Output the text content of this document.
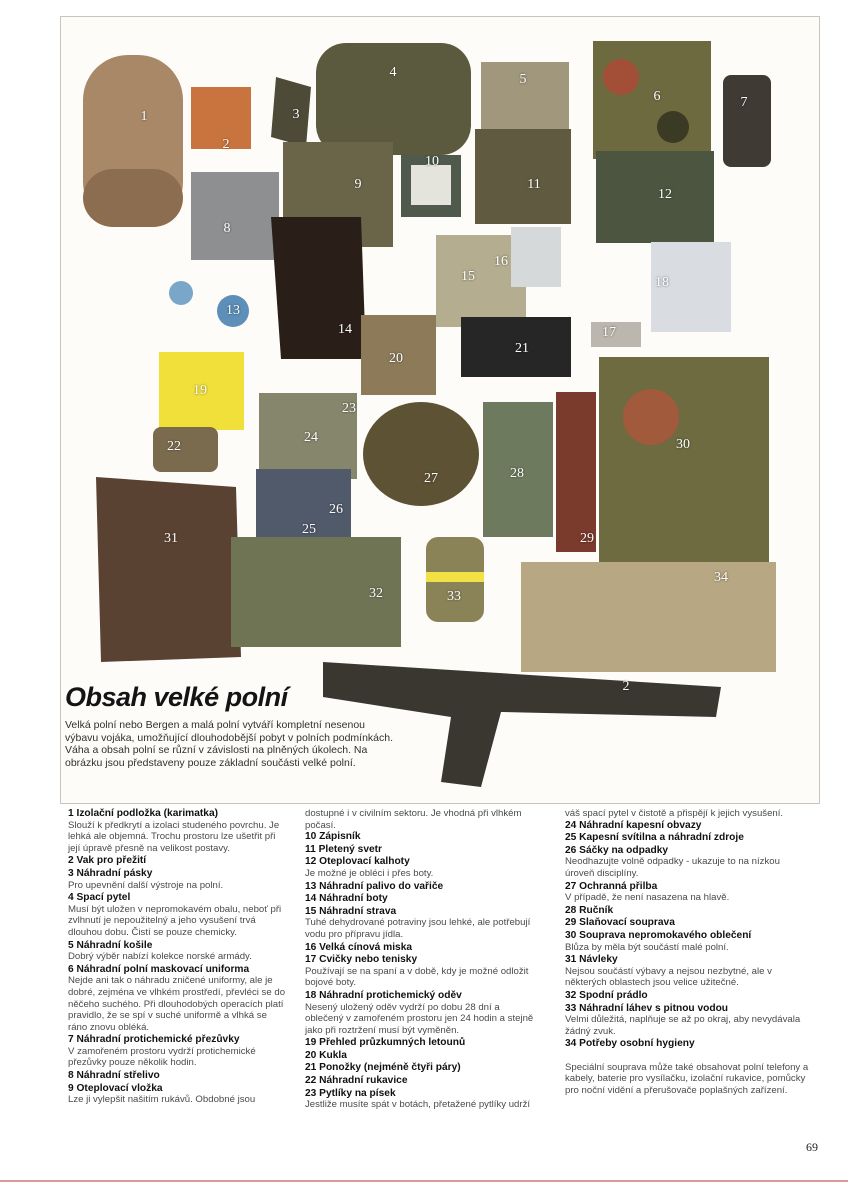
1
2
3
4	5
6	7
8
9
10
11
12
13
14
15
16
17
18
19
20
21
22
23
24
25
26
27	28
29
30
31
32	33
34
2
Obsah velké polní

Velká polní nebo Bergen a malá polní vytváří kompletní nesenou výbavu vojáka, umožňující dlouhodobější pobyt v polních podmínkách. Váha a obsah polní se různí v závislosti na plněných úkolech. Na obrázku jsou představeny pouze základní součásti velké polní.

1 Izolační podložka (karimatka)
Slouží k předkrytí a izolaci studeného povrchu. Je lehká ale objemná. Trochu prostoru lze ušetřit při její úpravě přesně na velikost postavy.
2 Vak pro přežití
3 Náhradní pásky
Pro upevnění další výstroje na polní.
4 Spací pytel
Musí být uložen v nepromokavém obalu, neboť při zvlhnutí je nepoužitelný a jeho vysušení trvá dlouhou dobu. Čistí se pouze chemicky.
5 Náhradní košile
Dobrý výběr nabízí kolekce norské armády.
6 Náhradní polní maskovací uniforma
Nejde ani tak o náhradu zničené uniformy, ale je dobré, zejména ve vlhkém prostředí, převléci se do něčeho suchého. Při dlouhodobých operacích platí pravidlo, že se spí v suché uniformě a vlhká se ráno znovu obléká.
7 Náhradní protichemické přezůvky
V zamořeném prostoru vydrží protichemické přezůvky pouze několik hodin.
8 Náhradní střelivo
9 Oteplovací vložka
Lze ji vylepšit našitím rukávů. Obdobné jsou
dostupné i v civilním sektoru. Je vhodná při vlhkém počasí.
10 Zápisník
11 Pletený svetr
12 Oteplovací kalhoty
Je možné je obléci i přes boty.
13 Náhradní palivo do vařiče
14 Náhradní boty
15 Náhradní strava
Tuhé dehydrované potraviny jsou lehké, ale potřebují vodu pro přípravu jídla.
16 Velká cínová miska
17 Cvičky nebo tenisky
Používají se na spaní a v době, kdy je možné odložit bojové boty.
18 Náhradní protichemický oděv
Nesený uložený oděv vydrží po dobu 28 dní a oblečený v zamořeném prostoru jen 24 hodin a stejně jako při roztržení musí být vyměněn.
19 Přehled průzkumných letounů
20 Kukla
21 Ponožky (nejméně čtyři páry)
22 Náhradní rukavice
23 Pytlíky na písek
Jestliže musíte spát v botách, přetažené pytlíky udrží
váš spací pytel v čistotě a přispějí k jejich vysušení.
24 Náhradní kapesní obvazy
25 Kapesní svítilna a náhradní zdroje
26 Sáčky na odpadky
Neodhazujte volně odpadky - ukazuje to na nízkou úroveň disciplíny.
27 Ochranná přilba
V případě, že není nasazena na hlavě.
28 Ručník
29 Slaňovací souprava
30 Souprava nepromokavého oblečení
Blůza by měla být součástí malé polní.
31 Návleky
Nejsou součástí výbavy a nejsou nezbytné, ale v některých oblastech jsou velice užitečné.
32 Spodní prádlo
33 Náhradní láhev s pitnou vodou
Velmi důležitá, naplňuje se až po okraj, aby nevydávala žádný zvuk.
34 Potřeby osobní hygieny
Speciální souprava může také obsahovat polní telefony a kabely, baterie pro vysílačku, izolační rukavice, pomůcky pro noční vidění a přerušovače poplašných zařízení.
69
